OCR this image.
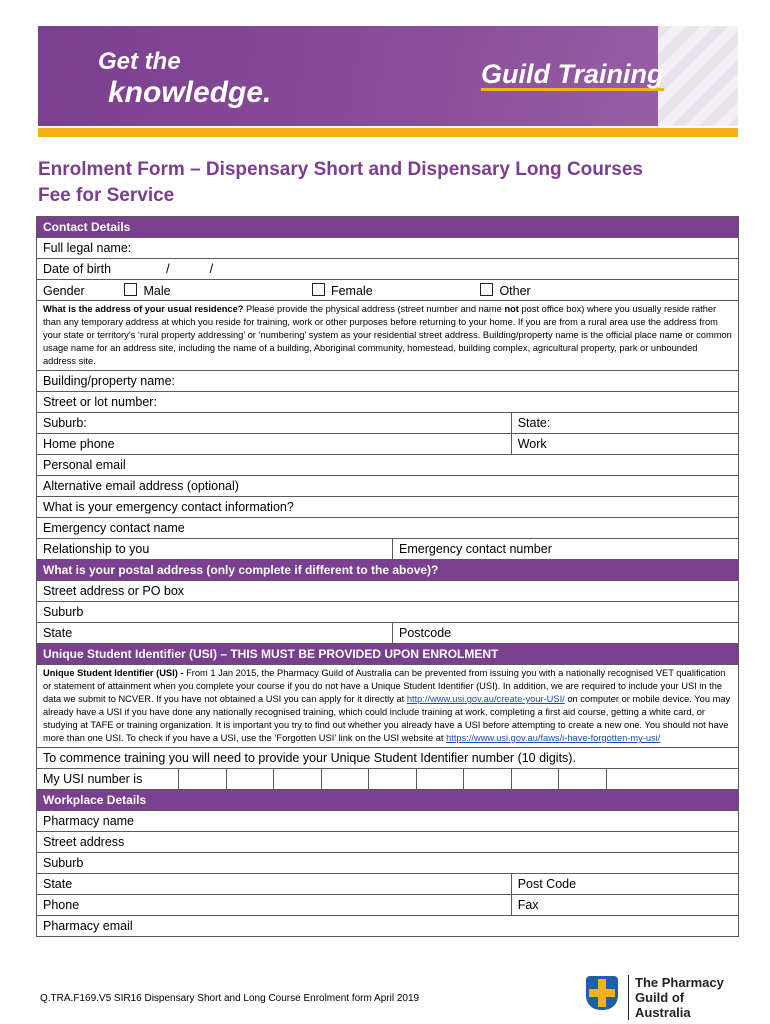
Get the
knowledge.
Guild Training
Enrolment Form – Dispensary Short and Dispensary Long Courses
Fee for Service
Contact Details											
Full legal name:											
Date of birth / /											
Gender Male Female Other											
What is the address of your usual residence? Please provide the physical address (street number and name not post office box) where you usually reside rather than any temporary address at which you reside for training, work or other purposes before returning to your home. If you are from a rural area use the address from your state or territory’s ‘rural property addressing’ or ‘numbering’ system as your residential street address. Building/property name is the official place name or common usage name for an address site, including the name of a building, Aboriginal community, homestead, building complex, agricultural property, park or unbounded address site.											
Building/property name:											
Street or lot number:											
Suburb:									State:		
Home phone									Work		
Personal email											
Alternative email address (optional)											
What is your emergency contact information?											
Emergency contact name											
Relationship to you						Emergency contact number					
What is your postal address (only complete if different to the above)?											
Street address or PO box											
Suburb											
State						Postcode					
Unique Student Identifier (USI) – THIS MUST BE PROVIDED UPON ENROLMENT											
Unique Student Identifier (USI) - From 1 Jan 2015, the Pharmacy Guild of Australia can be prevented from issuing you with a nationally recognised VET qualification or statement of attainment when you complete your course if you do not have a Unique Student Identifier (USI). In addition, we are required to include your USI in the data we submit to NCVER. If you have not obtained a USI you can apply for it directly at http://www.usi.gov.au/create-your-USI/ on computer or mobile device. You may already have a USI if you have done any nationally recognised training, which could include training at work, completing a first aid course, getting a white card, or studying at TAFE or training organization. It is important you try to find out whether you already have a USI before attempting to create a new one. You should not have more than one USI. To check if you have a USI, use the ‘Forgotten USI’ link on the USI website at https://www.usi.gov.au/faws/i-have-forgotten-my-usi/											
To commence training you will need to provide your Unique Student Identifier number (10 digits).											
My USI number is											
Workplace Details											
Pharmacy name											
Street address											
Suburb											
State									Post Code		
Phone									Fax		
Pharmacy email											
Q.TRA.F169.V5 SIR16 Dispensary Short and Long Course Enrolment form April 2019
The Pharmacy
Guild of Australia
